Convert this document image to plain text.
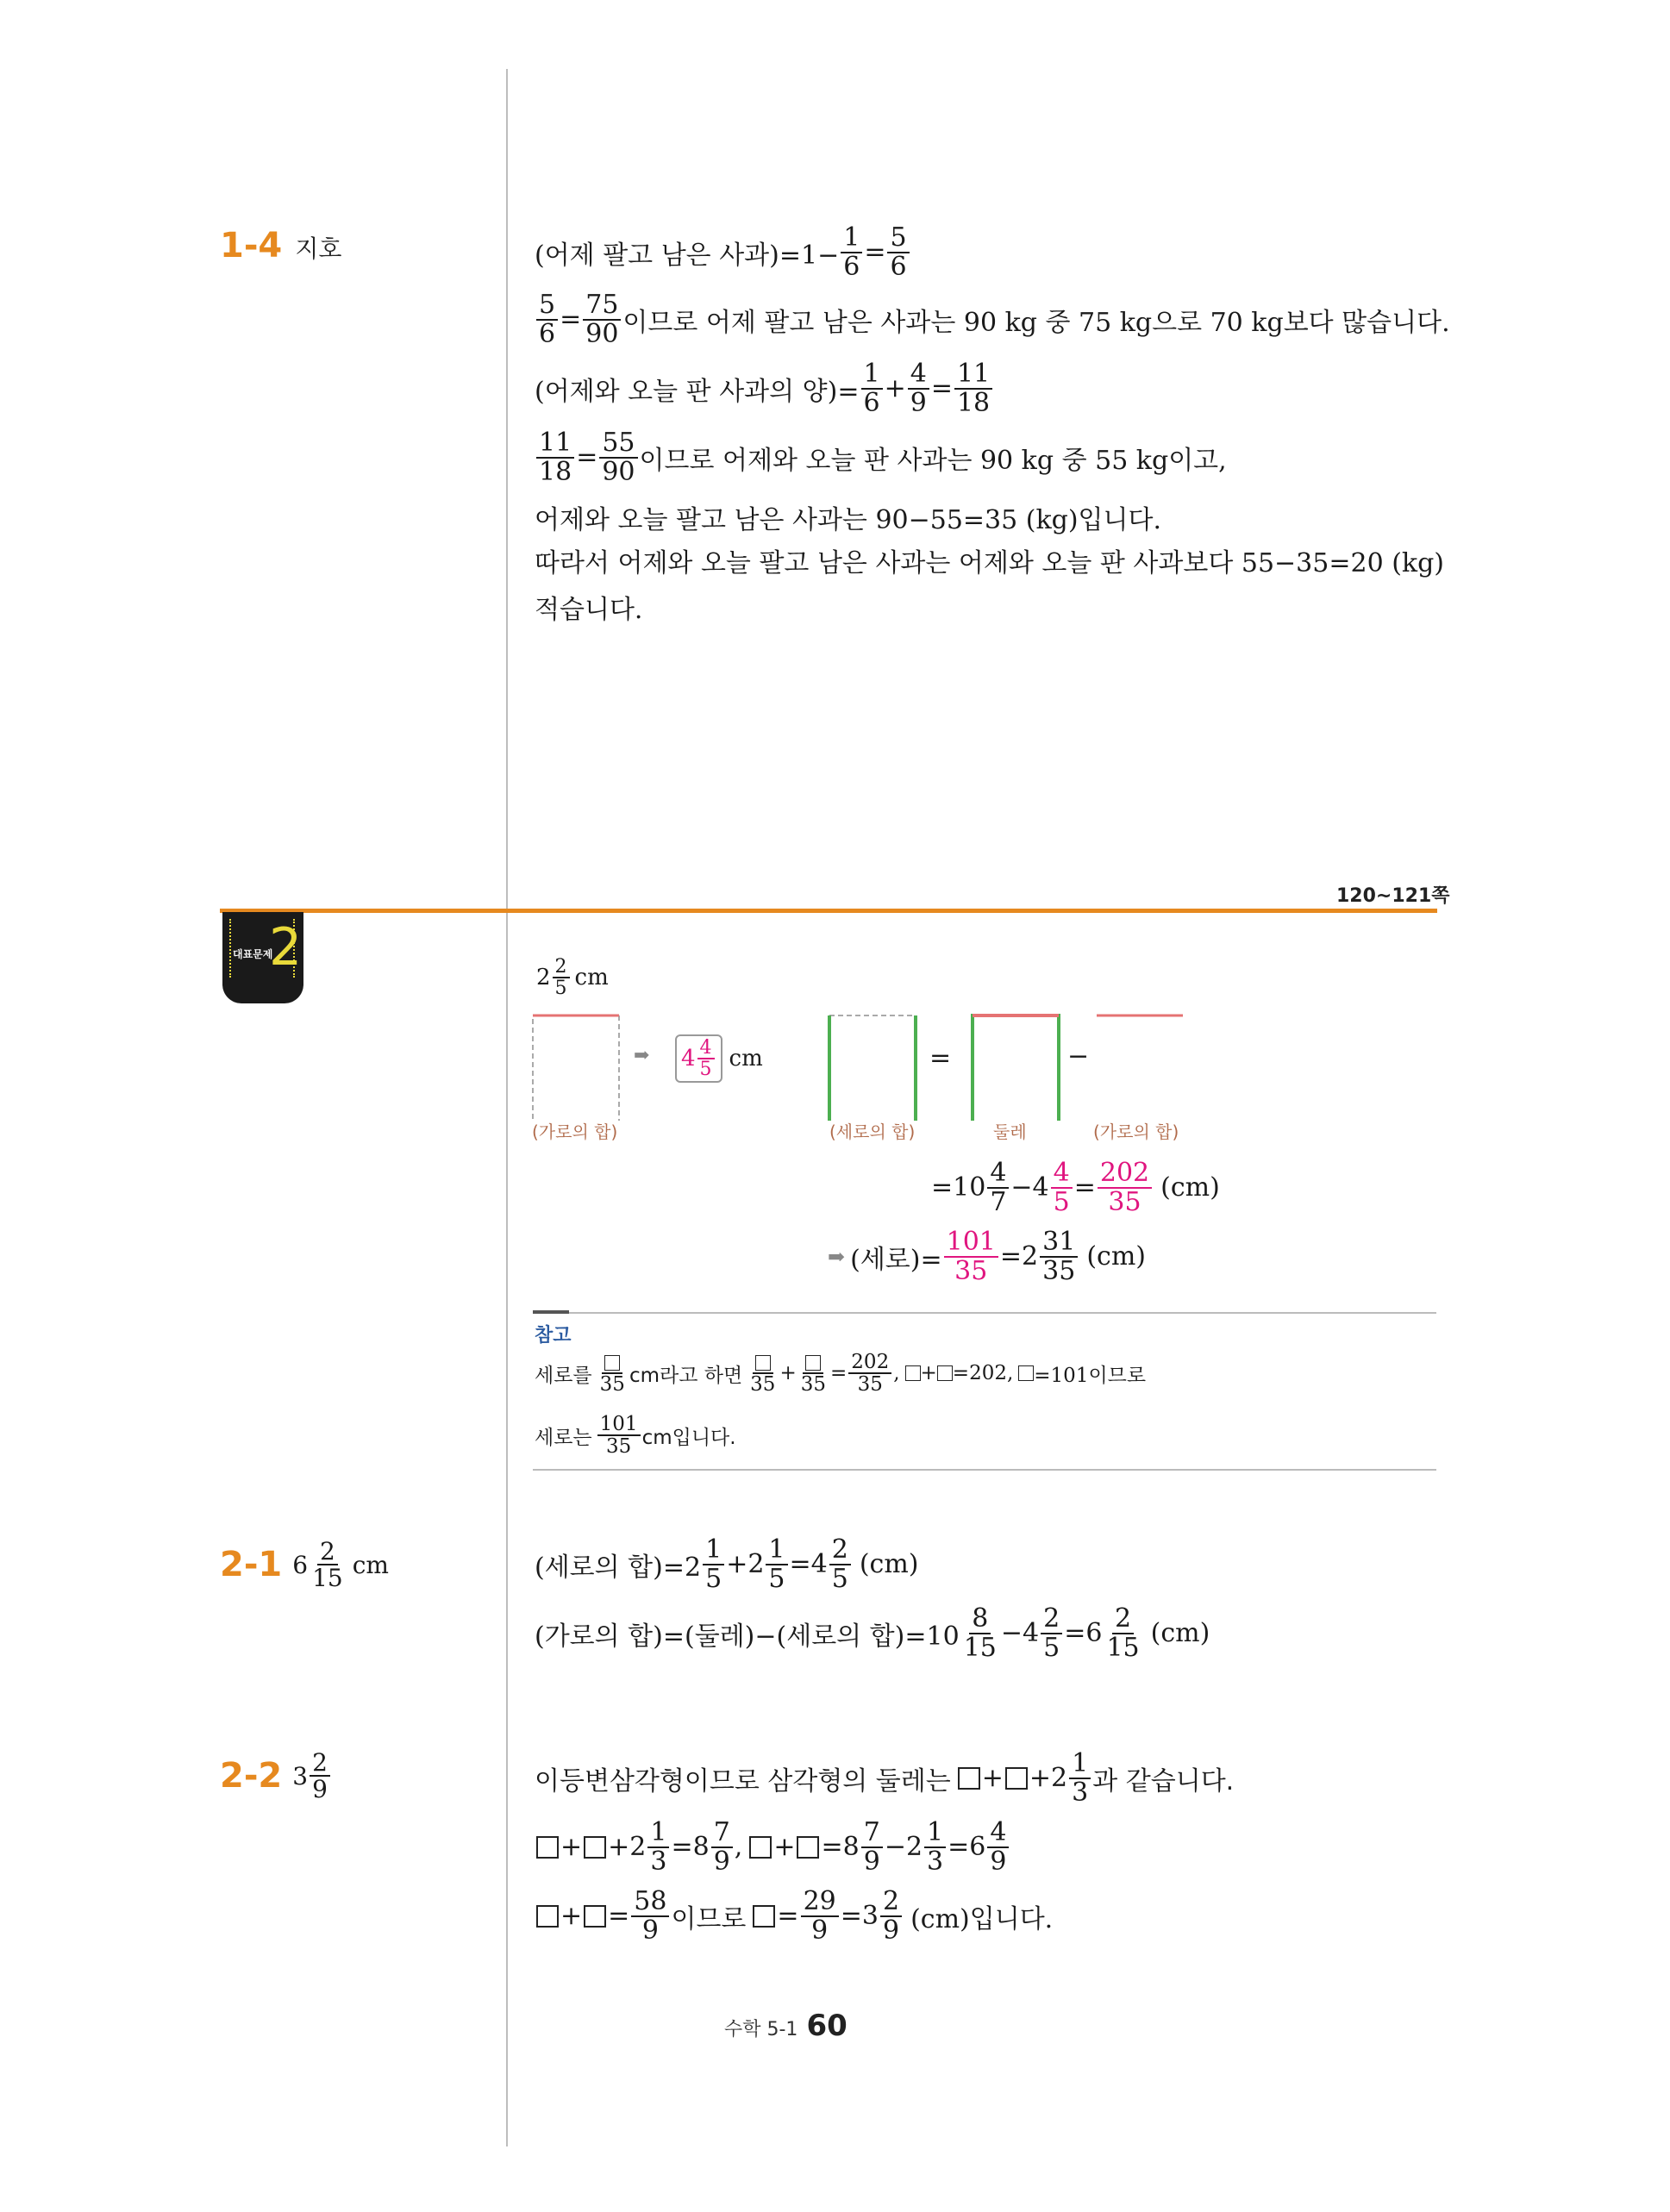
1-4 지호	(어제 팔고 남은 사과)$=1- \frac{1}{6} = \frac{5}{6}$
$\frac{5}{6} = \frac{75}{90}$ 이므로 어제 팔고 남은 사과는 90 kg 중 75 kg으로 70 kg보다 많습니다.
(어제와 오늘 판 사과의 양)= $\frac{1}{6} + \frac{4}{9} = \frac{11}{18}$
$\frac{11}{18} = \frac{55}{90}$ 이므로 어제와 오늘 판 사과는 90 kg 중 55 kg이고,
어제와 오늘 팔고 남은 사과는 90−55=35 (kg)입니다.
따라서 어제와 오늘 팔고 남은 사과는 어제와 오늘 판 사과보다 55−35=20 (kg)
적습니다.
120~121쪽
대표문제
2
$2 \frac{2}{5}$ cm
➡ $4 \frac{4}{5}$ cm	=	−
(가로의 합)	(세로의 합)	둘레	(가로의 합)
$=10 \frac{4}{7} -4 \frac{4}{5} = \frac{202}{35} (cm)$
➡ (세로)= $\frac{101}{35} =2 \frac{31}{35} (cm)$
참고
세로를 35 cm라고 하면 $35 + 35 = \frac{202}{35}$ , + =202, =101이므로
세로는 $\frac{101}{35}$ cm입니다.
2-1 $6 \frac{2}{15}$ cm	(세로의 합)$=2 \frac{1}{5} +2 \frac{1}{5} =4 \frac{2}{5} (cm)$
(가로의 합)=(둘레)−(세로의 합)$=10 \frac{8}{15} -4 \frac{2}{5} =6 \frac{2}{15} (cm)$
2-2 $3 \frac{2}{9}$	이등변삼각형이므로 삼각형의 둘레는 + $+2 \frac{1}{3}$ 과 같습니다.
+ $+2 \frac{1}{3} =8 \frac{7}{9}$ , + $=8 \frac{7}{9} -2 \frac{1}{3} =6 \frac{4}{9}$
+ = $\frac{58}{9}$ 이므로 = $\frac{29}{9} =3 \frac{2}{9} (cm)$입니다.
수학 5-1 60
